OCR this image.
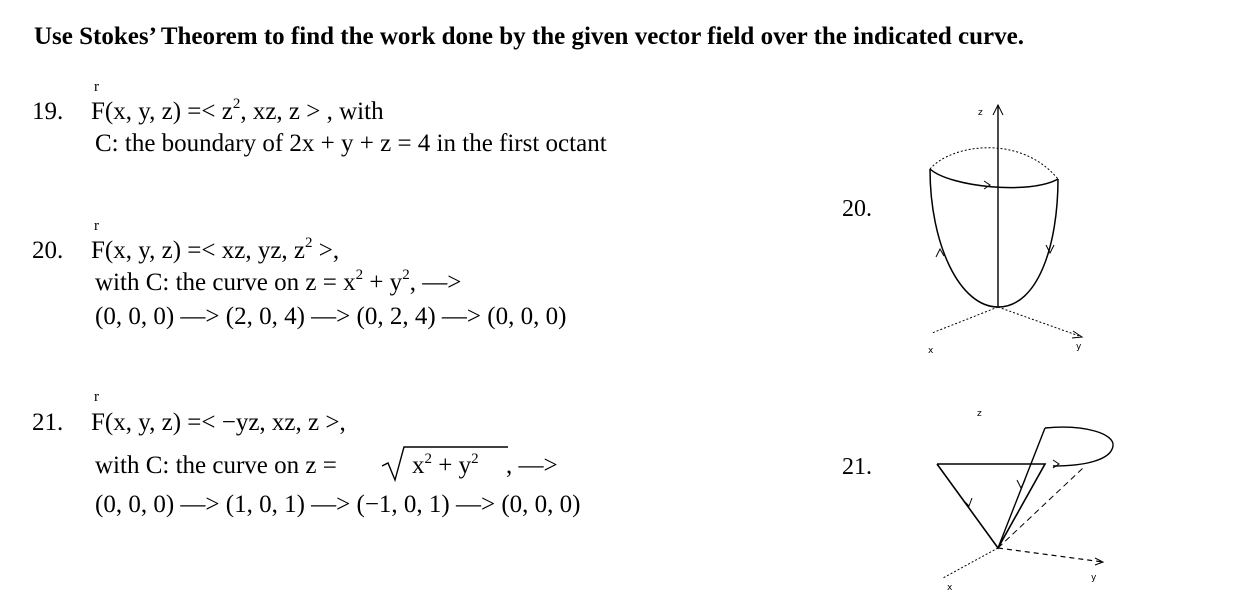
Use Stokes’ Theorem to find the work done by the given vector field over the indicated curve.
r
19. F(x, y, $z) =< z^2$, xz, z > , with
C: the boundary of 2x + y + z = 4 in the first octant
r
20. F(x, y, z) =< xz, yz, $z^2$ >,
with C: the curve on $z = x^2 + y^2$, —>
(0, 0, 0) —> (2, 0, 4) —> (0, 2, 4) —> (0, 0, 0)
r
21. F(x, y, z) =< −yz, xz, z >,
with C: the curve on z =	$x^2 + y^2$ , —>
(0, 0, 0) —> (1, 0, 1) —> (−1, 0, 1) —> (0, 0, 0)
20.
z
x	y
21.
z
x
y
